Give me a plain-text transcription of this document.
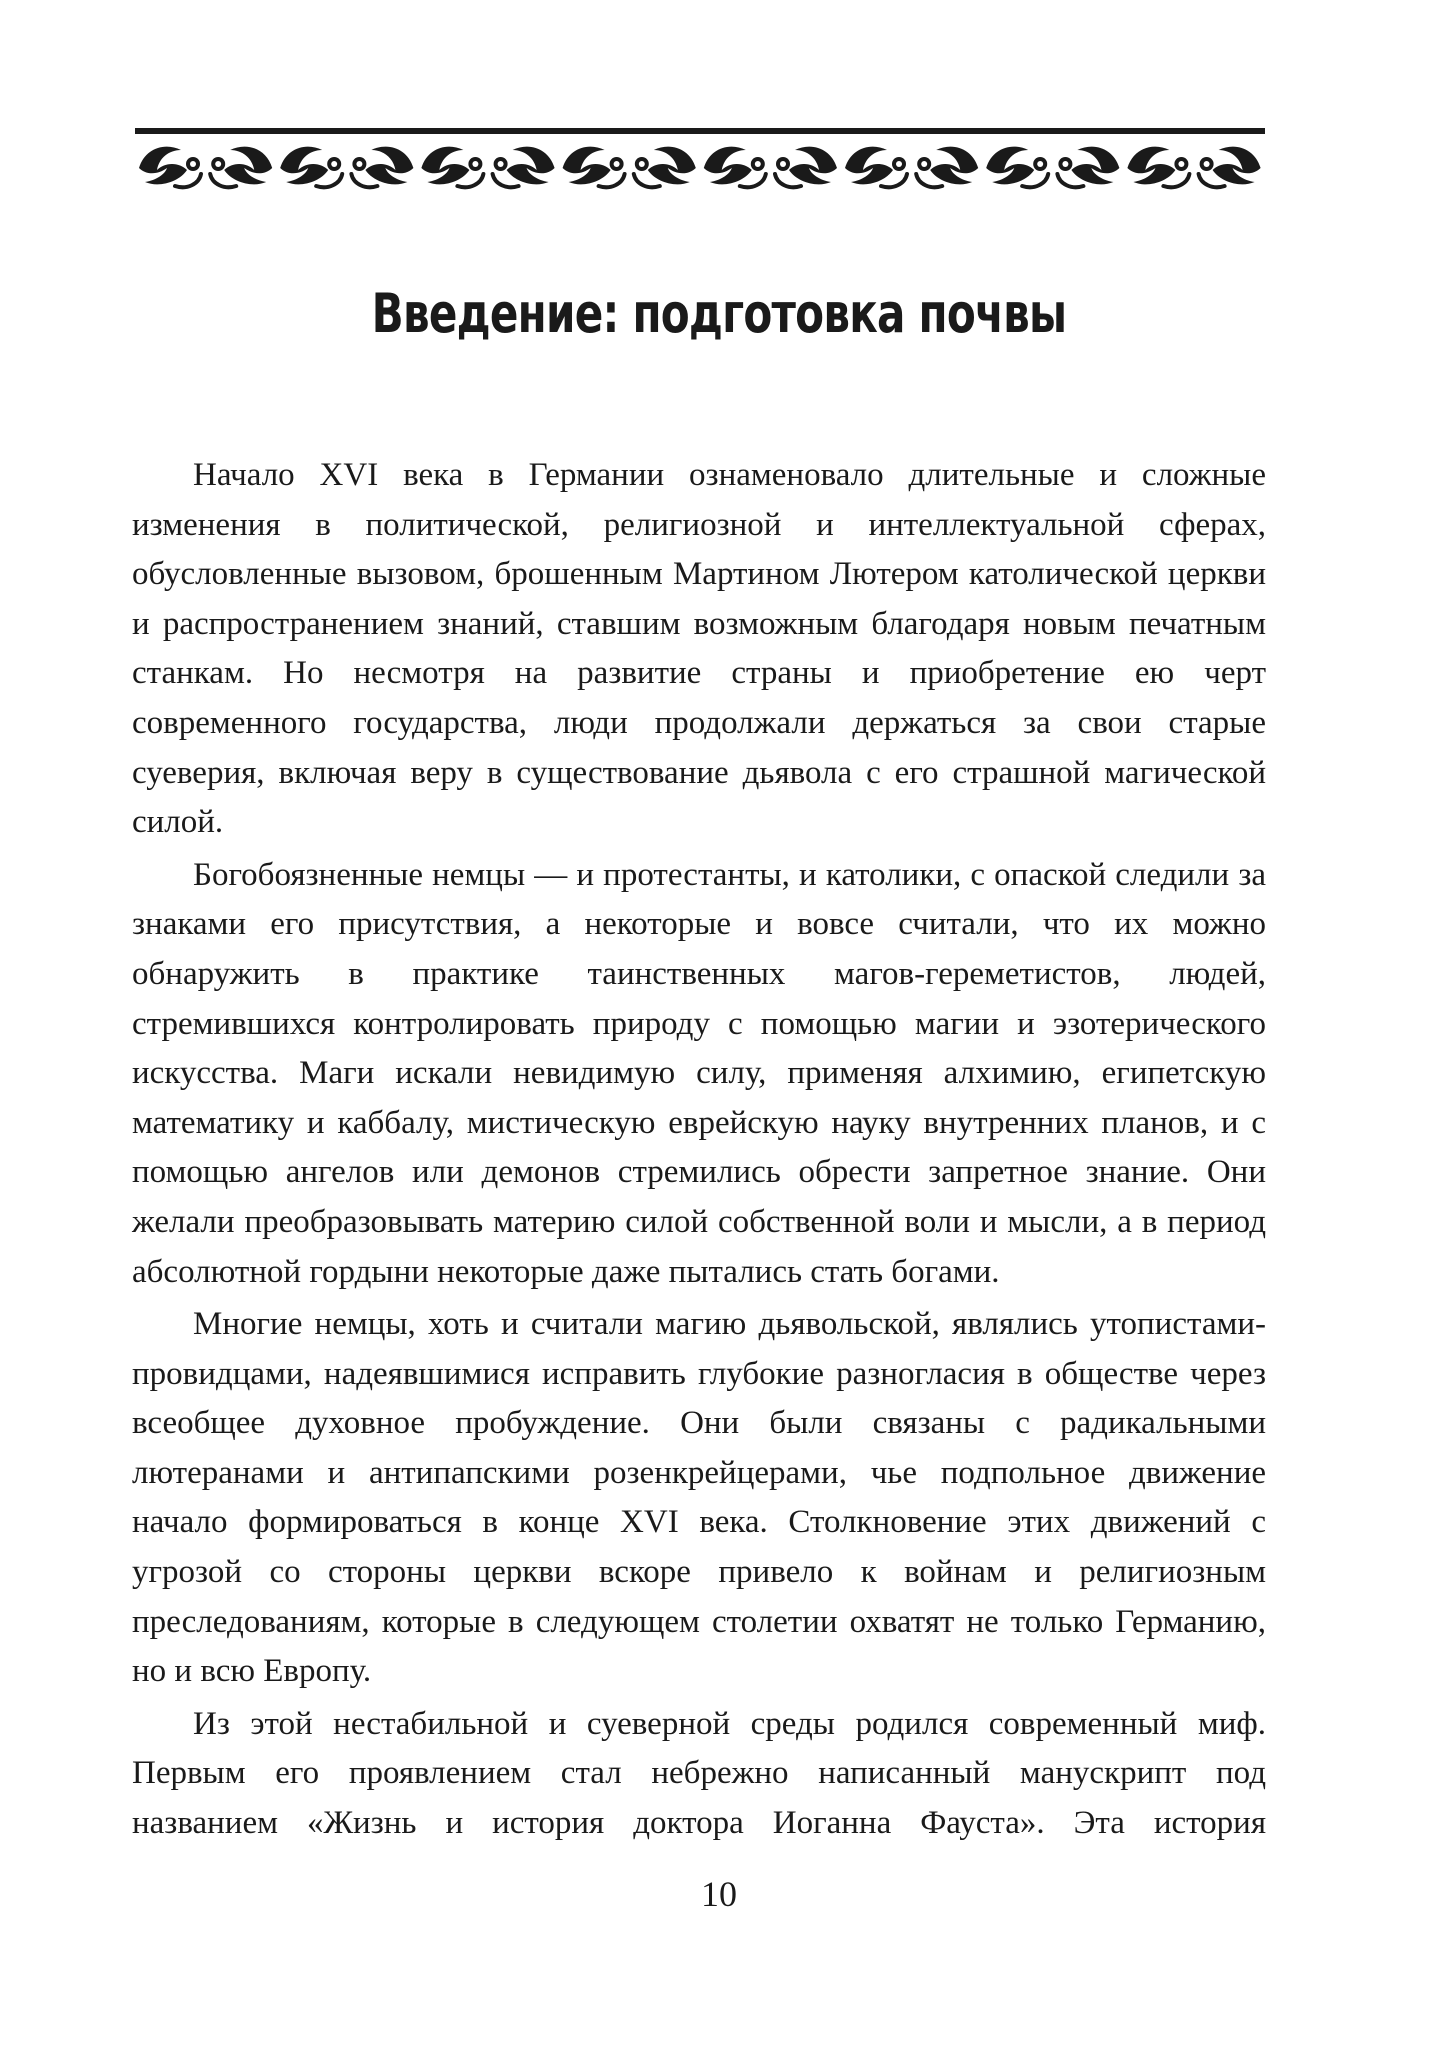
Введение: подготовка почвы

Начало XVI века в Германии ознаменовало длительные и сложные изменения в политической, религиозной и интеллектуальной сферах, обусловленные вызовом, брошенным Мартином Лютером католической церкви и распространением знаний, ставшим возможным благодаря новым печатным станкам. Но несмотря на развитие страны и приобретение ею черт современного государства, люди продолжали держаться за свои старые суеверия, включая веру в существование дьявола с его страшной магической силой.

Богобоязненные немцы — и протестанты, и католики, с опаской следили за знаками его присутствия, а некоторые и вовсе считали, что их можно обнаружить в практике таинственных магов-гереметистов, людей, стремившихся контролировать природу с помощью магии и эзотерического искусства. Маги искали невидимую силу, применяя алхимию, египетскую математику и каббалу, мистическую еврейскую науку внутренних планов, и с помощью ангелов или демонов стремились обрести запретное знание. Они желали преобразовывать материю силой собственной воли и мысли, а в период абсолютной гордыни некоторые даже пытались стать богами.

Многие немцы, хоть и считали магию дьявольской, являлись утопистами-провидцами, надеявшимися исправить глубокие разногласия в обществе через всеобщее духовное пробуждение. Они были связаны с радикальными лютеранами и антипапскими розенкрейцерами, чье подпольное движение начало формироваться в конце XVI века. Столкновение этих движений с угрозой со стороны церкви вскоре привело к войнам и религиозным преследованиям, которые в следующем столетии охватят не только Германию, но и всю Европу.

Из этой нестабильной и суеверной среды родился современный миф. Первым его проявлением стал небрежно написанный манускрипт под названием «Жизнь и история доктора Иоганна Фауста». Эта история

10
